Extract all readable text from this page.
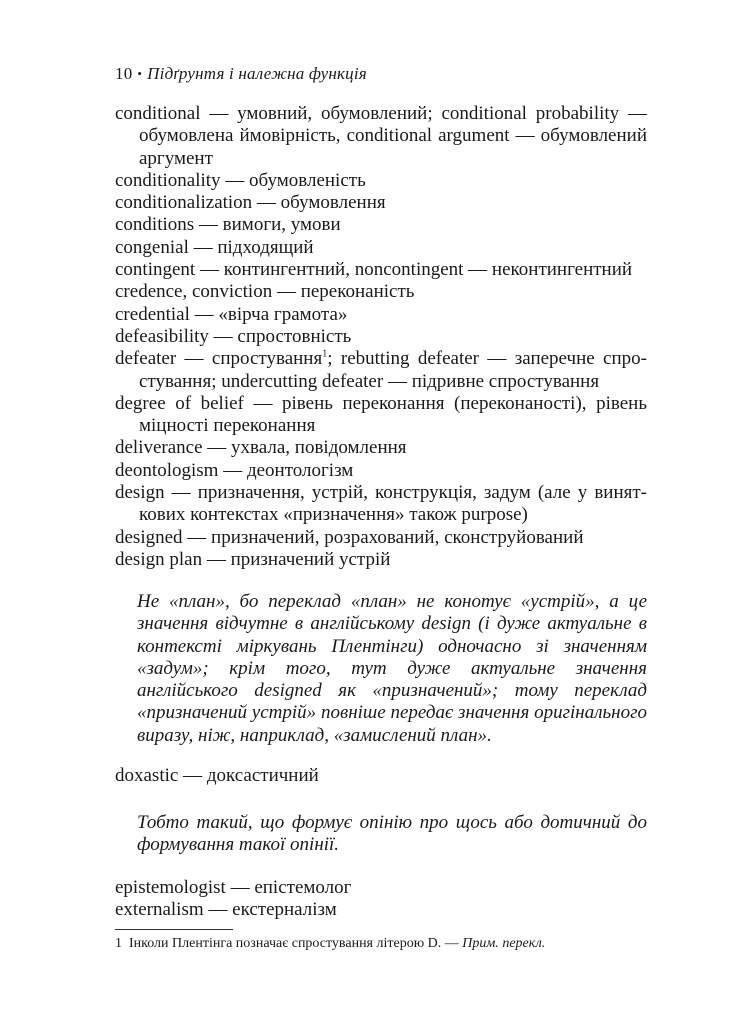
10 • Підґрунтя і належна функція

conditional — умовний, обумовлений; conditional probability — обумовлена ймовірність, conditional argument — обумовлений аргумент

conditionality — обумовленість

conditionalization — обумовлення

conditions — вимоги, умови

congenial — підходящий

contingent — контингентний, noncontingent — неконтингентний

credence, conviction — переконаність

credential — «вірча грамота»

defeasibility — спростовність

defeater — спростування$^1$; rebutting defeater — заперечне спростування; undercutting defeater — підривне спростування

degree of belief — рівень переконання (переконаності), рівень міцності переконання

deliverance — ухвала, повідомлення

deontologism — деонтологізм

design — призначення, устрій, конструкція, задум (але у виняткових контекстах «призначення» також purpose)

designed — призначений, розрахований, сконструйований

design plan — призначений устрій

Не «план», бо переклад «план» не конотує «устрій», а це значення відчутне в англійському design (і дуже актуальне в контексті міркувань Плентінги) одночасно зі значенням «задум»; крім того, тут дуже актуальне значення англійського designed як «призначений»; тому переклад «призначений устрій» повніше передає значення оригінального виразу, ніж, наприклад, «замислений план».

doxastic — доксастичний

Тобто такий, що формує опінію про щось або дотичний до формування такої опінії.

epistemologist — епістемолог

externalism — екстерналізм

1 Інколи Плентінга позначає спростування літерою D. — Прим. перекл.
